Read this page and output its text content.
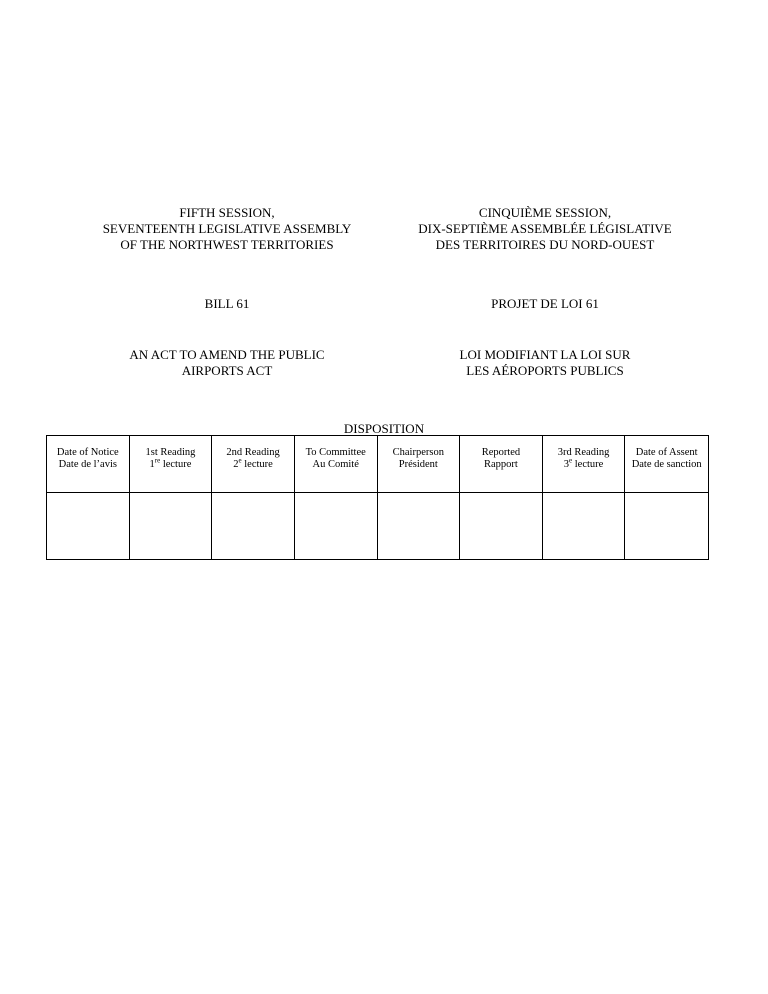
FIFTH SESSION,
SEVENTEENTH LEGISLATIVE ASSEMBLY
OF THE NORTHWEST TERRITORIES
CINQUIÈME SESSION,
DIX-SEPTIÈME ASSEMBLÉE LÉGISLATIVE
DES TERRITOIRES DU NORD-OUEST
BILL 61	PROJET DE LOI 61
AN ACT TO AMEND THE PUBLIC
AIRPORTS ACT
LOI MODIFIANT LA LOI SUR
LES AÉROPORTS PUBLICS
DISPOSITION
Date of Notice
Date de l’avis
1st Reading
1re lecture
2nd Reading
2e lecture
To Committee
Au Comité
Chairperson
Président
Reported
Rapport
3rd Reading
3e lecture
Date of Assent
Date de sanction
